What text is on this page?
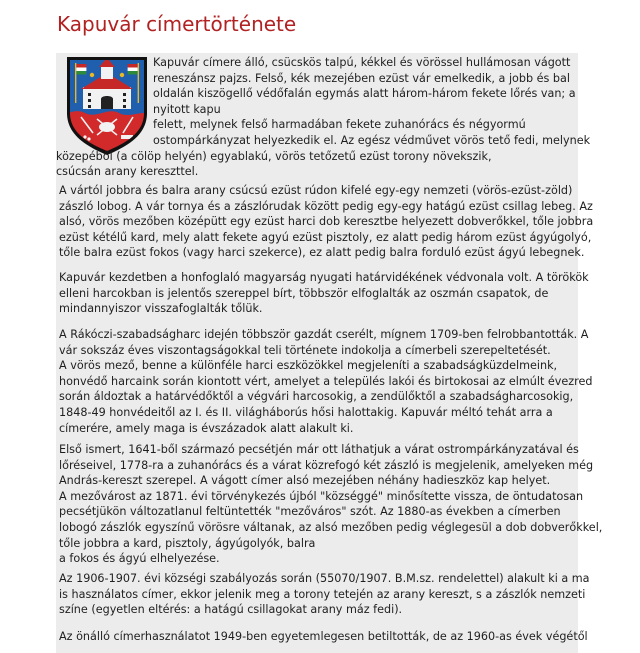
Kapuvár címertörténete
Kapuvár címere álló, csücskös talpú, kékkel és vörössel hullámosan vágott
reneszánsz pajzs. Felső, kék mezejében ezüst vár emelkedik, a jobb és bal
oldalán kiszögellő védőfalán egymás alatt három-három fekete lőrés van; a
nyitott kapu
felett, melynek felső harmadában fekete zuhanórács és négyormú
ostompárkányzat helyezkedik el. Az egész védművet vörös tető fedi, melynek
közepéből (a cölöp helyén) egyablakú, vörös tetőzetű ezüst torony növekszik,
csúcsán arany kereszttel.
A vártól jobbra és balra arany csúcsú ezüst rúdon kifelé egy-egy nemzeti (vörös-ezüst-zöld)
zászló lobog. A vár tornya és a zászlórudak között pedig egy-egy hatágú ezüst csillag lebeg. Az
alsó, vörös mezőben középütt egy ezüst harci dob keresztbe helyezett dobverőkkel, tőle jobbra
ezüst kétélű kard, mely alatt fekete agyú ezüst pisztoly, ez alatt pedig három ezüst ágyúgolyó,
tőle balra ezüst fokos (vagy harci szekerce), ez alatt pedig balra forduló ezüst ágyú lebegnek.
Kapuvár kezdetben a honfoglaló magyarság nyugati határvidékének védvonala volt. A törökök
elleni harcokban is jelentős szereppel bírt, többször elfoglalták az oszmán csapatok, de
mindannyiszor visszafoglalták tőlük.
A Rákóczi-szabadságharc idején többször gazdát cserélt, mígnem 1709-ben felrobbantották. A
vár sokszáz éves viszontagságokkal teli története indokolja a címerbeli szerepeltetését.
A vörös mező, benne a különféle harci eszközökkel megjeleníti a szabadságküzdelmeink,
honvédő harcaink során kiontott vért, amelyet a település lakói és birtokosai az elmúlt évezred
során áldoztak a határvédőktől a végvári harcosokig, a zendülőktől a szabadságharcosokig,
1848-49 honvédeitől az I. és II. világháborús hősi halottakig. Kapuvár méltó tehát arra a
címerére, amely maga is évszázadok alatt alakult ki.
Első ismert, 1641-ből származó pecsétjén már ott láthatjuk a várat ostrompárkányzatával és
lőréseivel, 1778-ra a zuhanórács és a várat közrefogó két zászló is megjelenik, amelyeken még
András-kereszt szerepel. A vágott címer alsó mezejében néhány hadieszköz kap helyet.
A mezővárost az 1871. évi törvénykezés újból "községgé" minősítette vissza, de öntudatosan
pecsétjükön változatlanul feltüntették "mezőváros" szót. Az 1880-as években a címerben
lobogó zászlók egyszínű vörösre váltanak, az alsó mezőben pedig véglegesül a dob dobverőkkel,
tőle jobbra a kard, pisztoly, ágyúgolyók, balra
a fokos és ágyú elhelyezése.
Az 1906-1907. évi községi szabályozás során (55070/1907. B.M.sz. rendelettel) alakult ki a ma
is használatos címer, ekkor jelenik meg a torony tetején az arany kereszt, s a zászlók nemzeti
színe (egyetlen eltérés: a hatágú csillagokat arany máz fedi).
Az önálló címerhasználatot 1949-ben egyetemlegesen betiltották, de az 1960-as évek végétől
